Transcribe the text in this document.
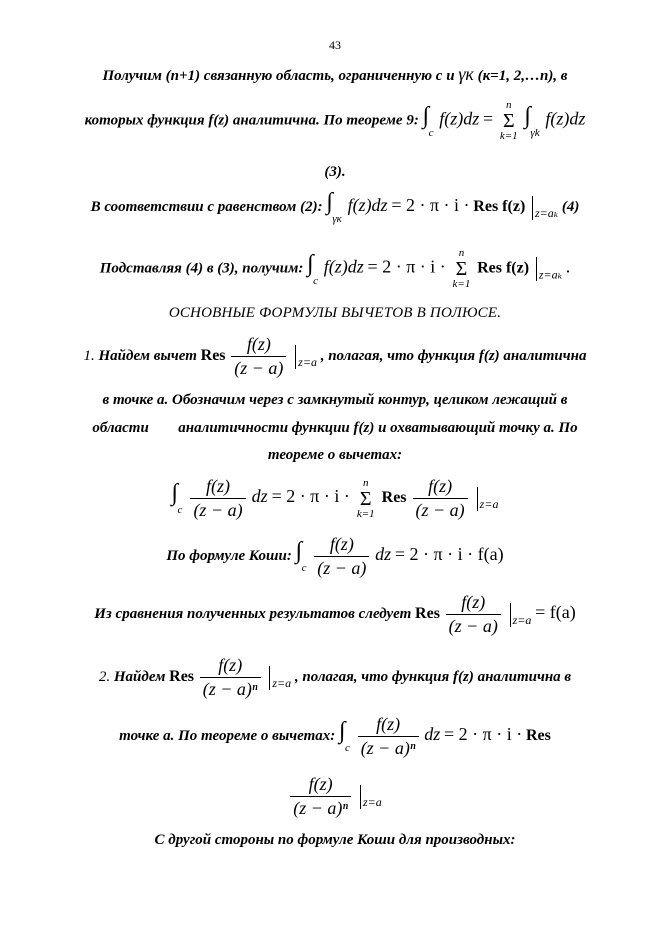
43
Получим (n+1) связанную область, ограниченную с и γк (к=1, 2,…n), в
которых функция f(z) аналитична. По теореме 9: ∫
c
f(z)dz =
n
Σ
k=1

∫
γk
f(z)dz
(3).
В соответствии с равенством (2): ∫
γк
f(z)dz = 2 · π · i · Res f(z) $_{z=a_k}$ (4)
Подставляя (4) в (3), получим: ∫
c
f(z)dz = 2 · π · i ·
n
Σ
k=1
Res f(z) $_{z=a_k}$ .
ОСНОВНЫЕ ФОРМУЛЫ ВЫЧЕТОВ В ПОЛЮСЕ.
1. Найдем вычет Res $\frac{f(z)}{(z - a)} _{z=a}$ , полагая, что функция f(z) аналитична
в точке a. Обозначим через с замкнутый контур, целиком лежащий в
области аналитичности функции f(z) и охватывающий точку а. По
теореме о вычетах:
∫
c
$\frac{f(z)}{(z - a)}$ dz = 2 · π · i ·
n
Σ
k=1
Res $\frac{f(z)}{(z - a)} _{z=a}$
По формуле Коши: ∫
c
$\frac{f(z)}{(z - a)}$ dz = 2 · π · i · f(a)
Из сравнения полученных результатов следует Res $\frac{f(z)}{(z - a)} _{z=a} = f(a)$
2. Найдем Res $\frac{f(z)}{\text{(z − a)ⁿ}} _{z=a}$ , полагая, что функция f(z) аналитична в
точке а. По теореме о вычетах: ∫
c
$\frac{f(z)}{\text{(z − a)ⁿ}}$ dz = 2 · π · i · Res
$\frac{f(z)}{\text{(z − a)ⁿ}} _{z=a}$
С другой стороны по формуле Коши для производных:
